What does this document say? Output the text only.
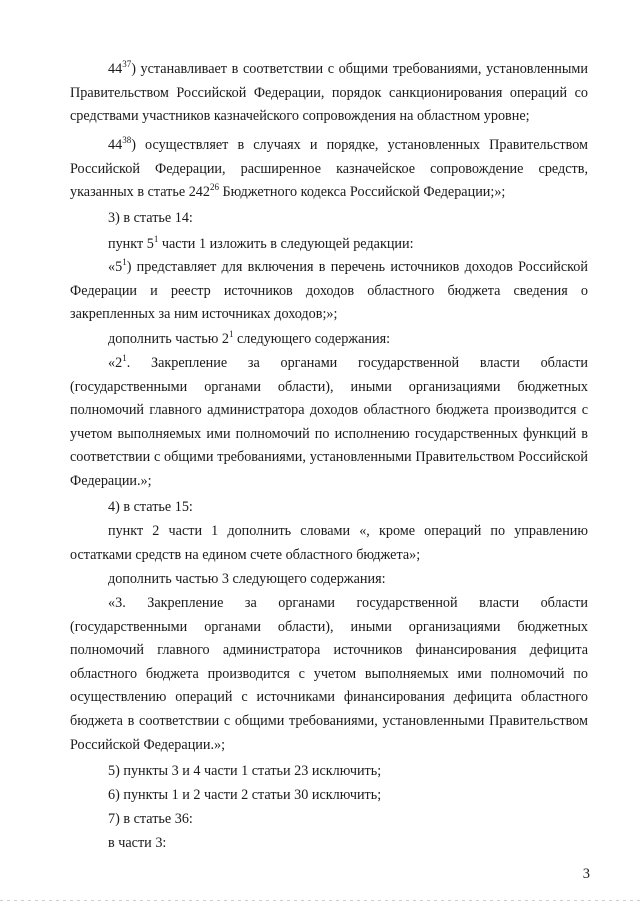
$44^{37}$) устанавливает в соответствии с общими требованиями, установленными Правительством Российской Федерации, порядок санкционирования операций со средствами участников казначейского сопровождения на областном уровне;

$44^{38}$) осуществляет в случаях и порядке, установленных Правительством Российской Федерации, расширенное казначейское сопровождение средств, указанных в статье $242^{26}$ Бюджетного кодекса Российской Федерации;»;

3) в статье 14:
пункт $5^1$ части 1 изложить в следующей редакции:

«$5^1$) представляет для включения в перечень источников доходов Российской Федерации и реестр источников доходов областного бюджета сведения о закрепленных за ним источниках доходов;»;

дополнить частью $2^1$ следующего содержания:

«$2^1$. Закрепление за органами государственной власти области (государственными органами области), иными организациями бюджетных полномочий главного администратора доходов областного бюджета производится с учетом выполняемых ими полномочий по исполнению государственных функций в соответствии с общими требованиями, установленными Правительством Российской Федерации.»;

4) в статье 15:

пункт 2 части 1 дополнить словами «, кроме операций по управлению остатками средств на едином счете областного бюджета»;

дополнить частью 3 следующего содержания:

«3. Закрепление за органами государственной власти области (государственными органами области), иными организациями бюджетных полномочий главного администратора источников финансирования дефицита областного бюджета производится с учетом выполняемых ими полномочий по осуществлению операций с источниками финансирования дефицита областного бюджета в соответствии с общими требованиями, установленными Правительством Российской Федерации.»;

5) пункты 3 и 4 части 1 статьи 23 исключить;
6) пункты 1 и 2 части 2 статьи 30 исключить;
7) в статье 36:
в части 3:
3
